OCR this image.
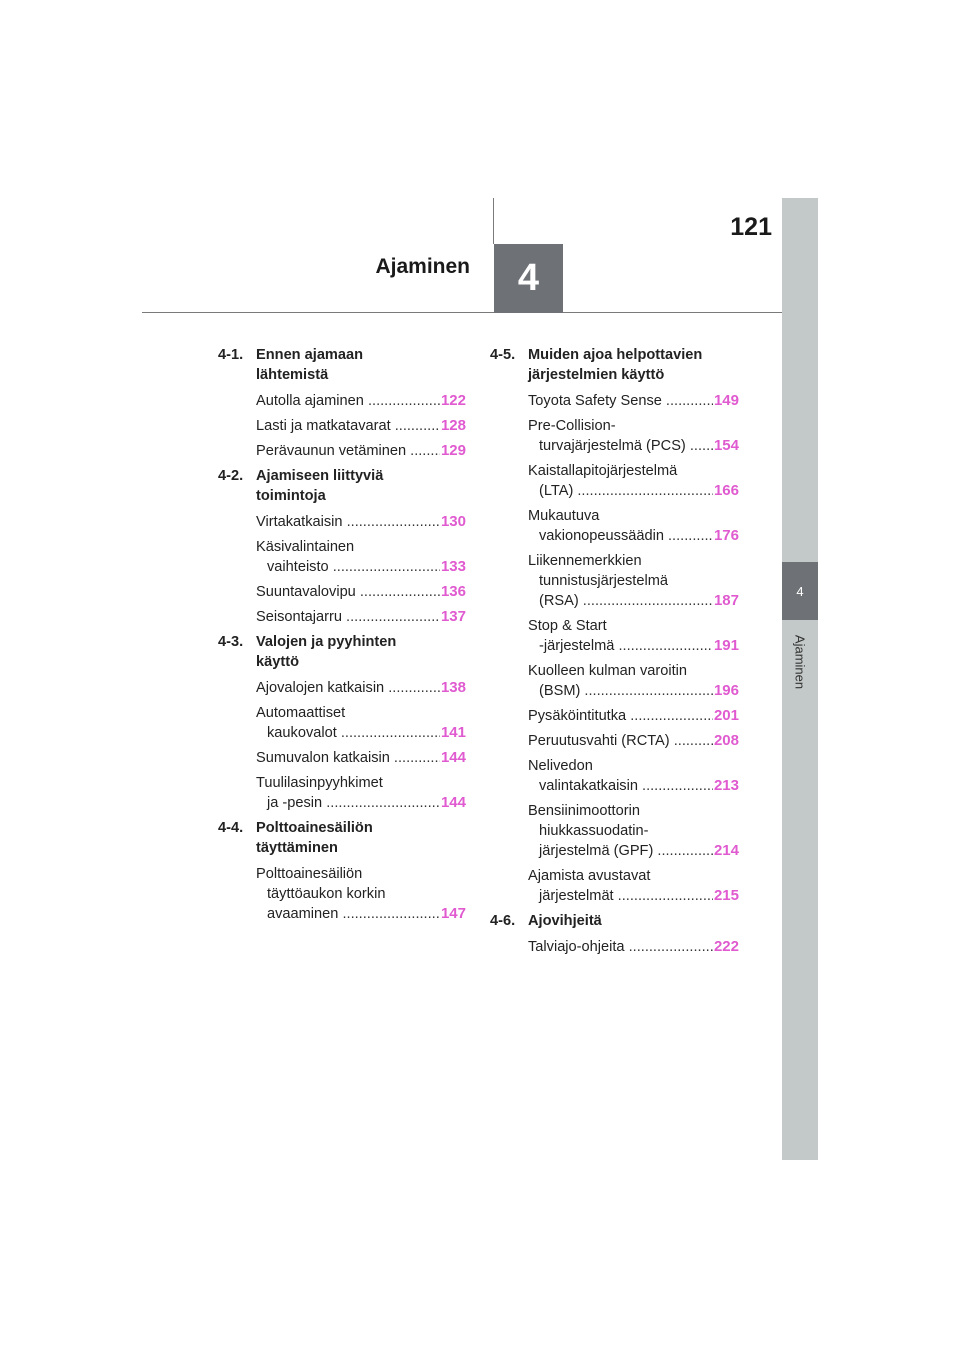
121
Ajaminen	4
4
Ajaminen
4-1. Ennen ajamaan
lähtemistä
Autolla ajaminen .....	122
Lasti ja matkatavarat .....	128
Perävaunun vetäminen .....	129
4-2. Ajamiseen liittyviä
toimintoja
Virtakatkaisin .....	130
Käsivalintainen
vaihteisto .....	133
Suuntavalovipu .....	136
Seisontajarru .....	137
4-3. Valojen ja pyyhinten
käyttö
Ajovalojen katkaisin .....	138
Automaattiset
kaukovalot .....	141
Sumuvalon katkaisin .....	144
Tuulilasinpyyhkimet
ja -pesin .....	144
4-4. Polttoainesäiliön
täyttäminen
Polttoainesäiliön
täyttöaukon korkin
avaaminen .....	147
4-5. Muiden ajoa helpottavien
järjestelmien käyttö
Toyota Safety Sense .....	149
Pre-Collision-
turvajärjestelmä (PCS) .....	154
Kaistallapitojärjestelmä
(LTA) .....	166
Mukautuva
vakionopeussäädin .....	176
Liikennemerkkien
tunnistusjärjestelmä
(RSA) .....	187
Stop & Start
-järjestelmä .....	191
Kuolleen kulman varoitin
(BSM) .....	196
Pysäköintitutka .....	201
Peruutusvahti (RCTA) .....	208
Nelivedon
valintakatkaisin .....	213
Bensiinimoottorin
hiukkassuodatin-
järjestelmä (GPF) .....	214
Ajamista avustavat
järjestelmät .....	215
4-6. Ajovihjeitä
Talviajo-ohjeita .....	222
